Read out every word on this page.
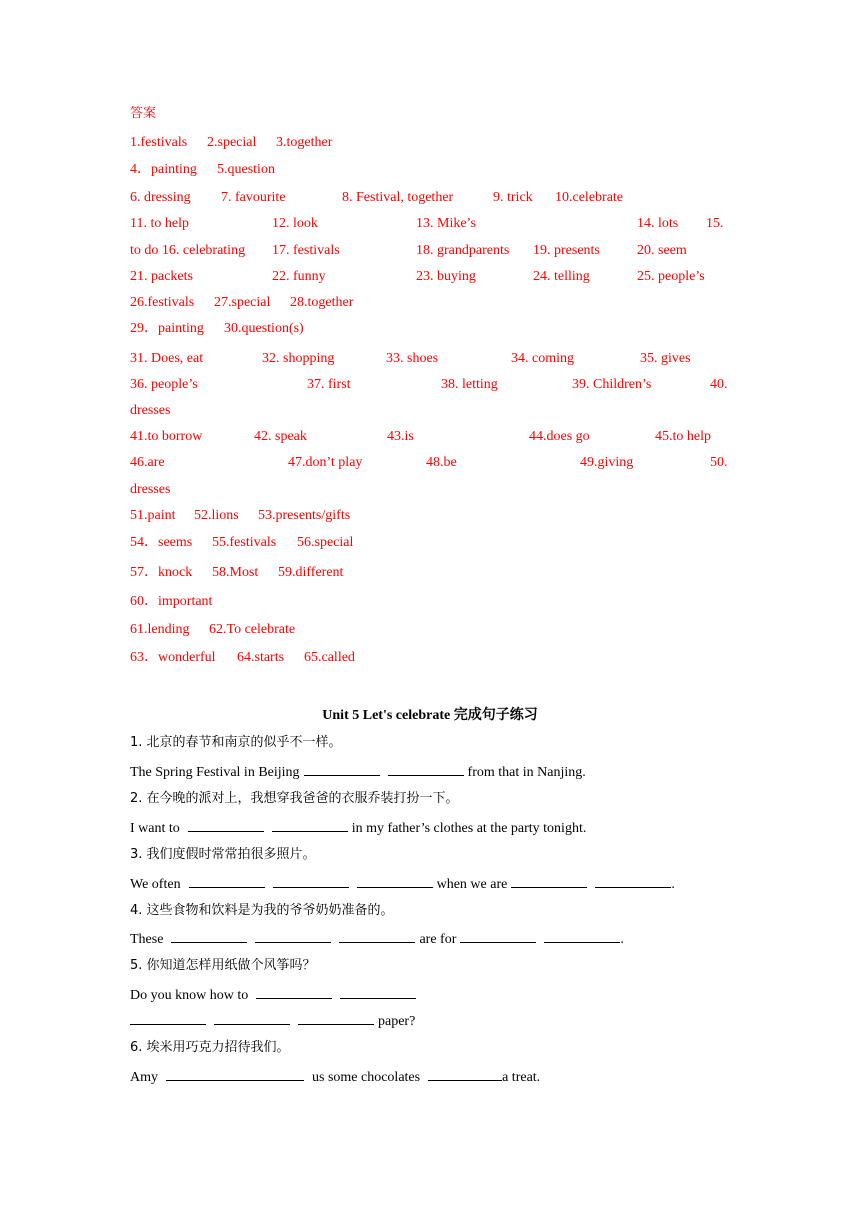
答案
1.festivals 2.special 3.together
4．painting 5.question
6. dressing 7. favourite	8. Festival, together	9. trick 10.celebrate
11. to help	12. look	13. Mike’s	14. lots 15.
to do 16. celebrating 17. festivals	18. grandparents 19. presents	20. seem
21. packets	22. funny	23. buying	24. telling	25. people’s
26.festivals 27.special 28.together
29．painting 30.question(s)
31. Does, eat	32. shopping	33. shoes	34. coming	35. gives
36. people’s	37. first	38. letting	39. Children’s	40.
dresses
41.to borrow	42. speak	43.is	44.does go	45.to help
46.are	47.don’t play	48.be	49.giving	50.
dresses
51.paint 52.lions 53.presents/gifts
54．seems 55.festivals 56.special
57．knock 58.Most 59.different
60．important
61.lending 62.To celebrate
63．wonderful 64.starts 65.called
Unit 5 Let's celebrate 完成句子练习
1. 北京的春节和南京的似乎不一样。
The Spring Festival in Beijing	from that in Nanjing.
2. 在今晚的派对上，我想穿我爸爸的衣服乔装打扮一下。
I want to	in my father’s clothes at the party tonight.
3. 我们度假时常常拍很多照片。
We often	when we are	.
4. 这些食物和饮料是为我的爷爷奶奶准备的。
These	are for	.
5. 你知道怎样用纸做个风筝吗？
Do you know how to
paper?
6. 埃米用巧克力招待我们。
Amy	us some chocolates	a treat.
